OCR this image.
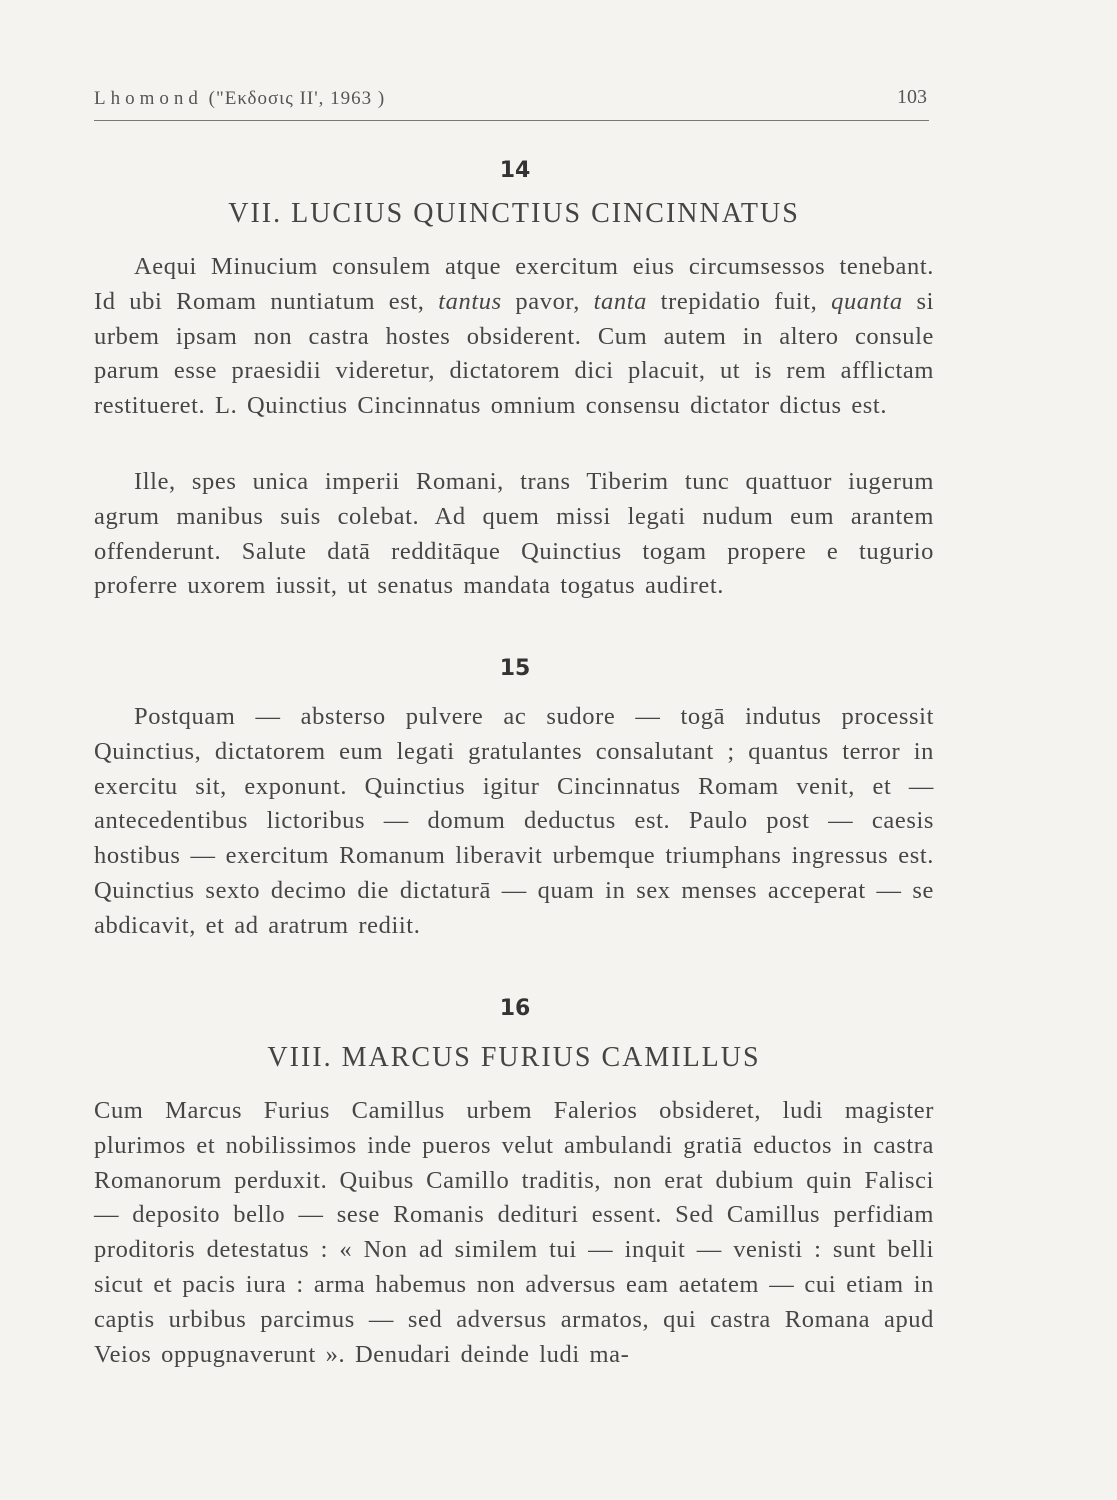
Lhomond ("Εκδοσις ΙΙ', 1963 )	103
14
VII. LUCIUS QUINCTIUS CINCINNATUS
Aequi Minucium consulem atque exercitum eius circumsessos tenebant. Id ubi Romam nuntiatum est, tantus pavor, tanta trepidatio fuit, quanta si urbem ipsam non castra hostes obsiderent. Cum autem in altero consule parum esse praesidii videretur, dictatorem dici placuit, ut is rem afflictam restitueret. L. Quinctius Cincinnatus omnium consensu dictator dictus est.
Ille, spes unica imperii Romani, trans Tiberim tunc quattuor iugerum agrum manibus suis colebat. Ad quem missi legati nudum eum arantem offenderunt. Salute datā redditāque Quinctius togam propere e tugurio proferre uxorem iussit, ut senatus mandata togatus audiret.
15
Postquam — absterso pulvere ac sudore — togā indutus processit Quinctius, dictatorem eum legati gratulantes consalutant ; quantus terror in exercitu sit, exponunt. Quinctius igitur Cincinnatus Romam venit, et — antecedentibus lictoribus — domum deductus est. Paulo post — caesis hostibus — exercitum Romanum liberavit urbemque triumphans ingressus est. Quinctius sexto decimo die dictaturā — quam in sex menses acceperat — se abdicavit, et ad aratrum rediit.
16
VIII. MARCUS FURIUS CAMILLUS
Cum Marcus Furius Camillus urbem Falerios obsideret, ludi magister plurimos et nobilissimos inde pueros velut ambulandi gratiā eductos in castra Romanorum perduxit. Quibus Camillo traditis, non erat dubium quin Falisci — deposito bello — sese Romanis dedituri essent. Sed Camillus perfidiam proditoris detestatus : « Non ad similem tui — inquit — venisti : sunt belli sicut et pacis iura : arma habemus non adversus eam aetatem — cui etiam in captis urbibus parcimus — sed adversus armatos, qui castra Romana apud Veios oppugnaverunt ». Denudari deinde ludi ma-
